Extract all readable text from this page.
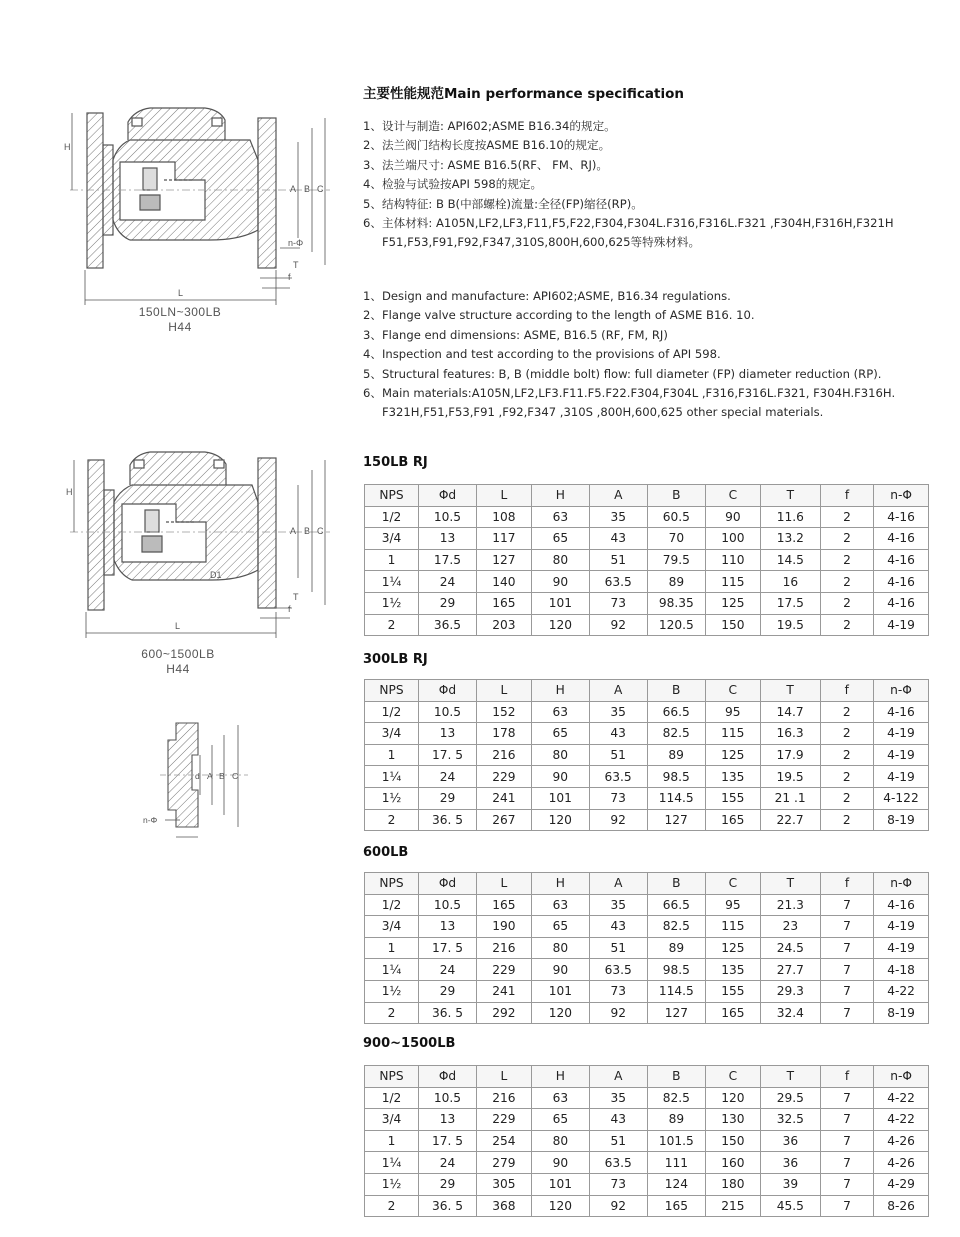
H
A B C
n-Φ
T
f
L
150LN~300LB
H44
H
A B C
D1
T
f
L
600~1500LB
H44
d A B C
n-Φ
主要性能规范Main performance specification
1、设计与制造: API602;ASME B16.34的规定。
2、法兰阀门结构长度按ASME B16.10的规定。
3、法兰端尺寸: ASME B16.5(RF、 FM、RJ)。
4、检验与试验按API 598的规定。
5、结构特征: B B(中部螺栓)流量:全径(FP)缩径(RP)。
6、主体材料: A105N,LF2,LF3,F11,F5,F22,F304,F304L.F316,F316L.F321 ,F304H,F316H,F321H F51,F53,F91,F92,F347,310S,800H,600,625等特殊材料。
1、Design and manufacture: API602;ASME, B16.34 regulations.
2、Flange valve structure according to the length of ASME B16. 10.
3、Flange end dimensions: ASME, B16.5 (RF, FM, RJ)
4、Inspection and test according to the provisions of API 598.
5、Structural features: B, B (middle bolt) flow: full diameter (FP) diameter reduction (RP).
6、Main materials:A105N,LF2,LF3.F11.F5.F22.F304,F304L ,F316,F316L.F321, F304H.F316H. F321H,F51,F53,F91 ,F92,F347 ,310S ,800H,600,625 other special materials.
150LB RJ
NPS	Φd	L	H	A	B	C	T	f	n-Φ
1/2	10.5	108	63	35	60.5	90	11.6	2	4-16
3/4	13	117	65	43	70	100	13.2	2	4-16
1	17.5	127	80	51	79.5	110	14.5	2	4-16
1¼	24	140	90	63.5	89	115	16	2	4-16
1½	29	165	101	73	98.35	125	17.5	2	4-16
2	36.5	203	120	92	120.5	150	19.5	2	4-19
300LB RJ
NPS	Φd	L	H	A	B	C	T	f	n-Φ
1/2	10.5	152	63	35	66.5	95	14.7	2	4-16
3/4	13	178	65	43	82.5	115	16.3	2	4-19
1	17. 5	216	80	51	89	125	17.9	2	4-19
1¼	24	229	90	63.5	98.5	135	19.5	2	4-19
1½	29	241	101	73	114.5	155	21 .1	2	4-122
2	36. 5	267	120	92	127	165	22.7	2	8-19
600LB
NPS	Φd	L	H	A	B	C	T	f	n-Φ
1/2	10.5	165	63	35	66.5	95	21.3	7	4-16
3/4	13	190	65	43	82.5	115	23	7	4-19
1	17. 5	216	80	51	89	125	24.5	7	4-19
1¼	24	229	90	63.5	98.5	135	27.7	7	4-18
1½	29	241	101	73	114.5	155	29.3	7	4-22
2	36. 5	292	120	92	127	165	32.4	7	8-19
900~1500LB
NPS	Φd	L	H	A	B	C	T	f	n-Φ
1/2	10.5	216	63	35	82.5	120	29.5	7	4-22
3/4	13	229	65	43	89	130	32.5	7	4-22
1	17. 5	254	80	51	101.5	150	36	7	4-26
1¼	24	279	90	63.5	111	160	36	7	4-26
1½	29	305	101	73	124	180	39	7	4-29
2	36. 5	368	120	92	165	215	45.5	7	8-26
